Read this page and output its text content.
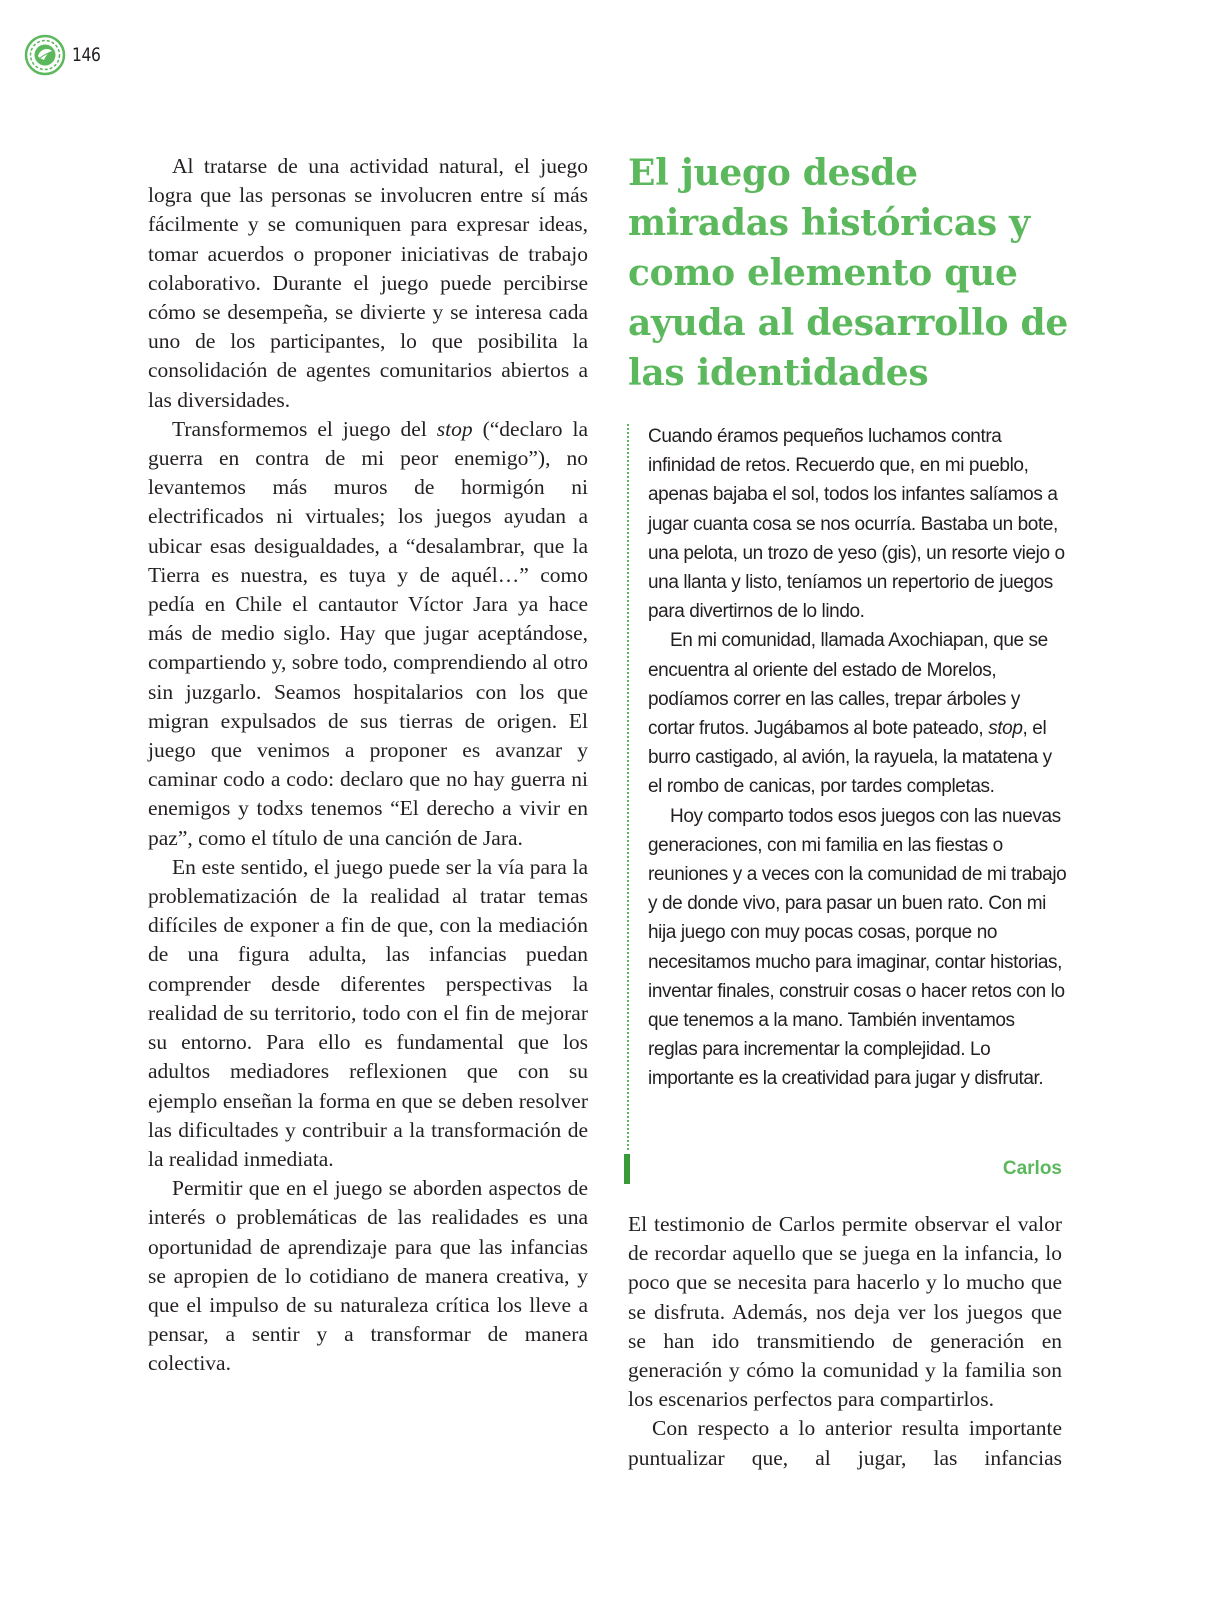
146

Al tratarse de una actividad natural, el juego logra que las personas se involucren entre sí más fácilmente y se comuniquen para expresar ideas, tomar acuerdos o proponer iniciativas de trabajo colaborativo. Durante el juego puede percibirse cómo se desempeña, se divierte y se interesa cada uno de los participantes, lo que posibilita la consolidación de agentes comunitarios abiertos a las diversidades.

Transformemos el juego del stop (“declaro la guerra en contra de mi peor enemigo”), no levantemos más muros de hormigón ni electrificados ni virtuales; los juegos ayudan a ubicar esas desigualdades, a “desalambrar, que la Tierra es nuestra, es tuya y de aquél…” como pedía en Chile el cantautor Víctor Jara ya hace más de medio siglo. Hay que jugar aceptándose, compartiendo y, sobre todo, comprendiendo al otro sin juzgarlo. Seamos hospitalarios con los que migran expulsados de sus tierras de origen. El juego que venimos a proponer es avanzar y caminar codo a codo: declaro que no hay guerra ni enemigos y todxs tenemos “El derecho a vivir en paz”, como el título de una canción de Jara.

En este sentido, el juego puede ser la vía para la problematización de la realidad al tratar temas difíciles de exponer a fin de que, con la mediación de una figura adulta, las infancias puedan comprender desde diferentes perspectivas la realidad de su territorio, todo con el fin de mejorar su entorno. Para ello es fundamental que los adultos mediadores reflexionen que con su ejemplo enseñan la forma en que se deben resolver las dificultades y contribuir a la transformación de la realidad inmediata.

Permitir que en el juego se aborden aspectos de interés o problemáticas de las realidades es una oportunidad de aprendizaje para que las infancias se apropien de lo cotidiano de manera creativa, y que el impulso de su naturaleza crítica los lleve a pensar, a sentir y a transformar de manera colectiva.

El juego desde miradas históricas y como elemento que ayuda al desarrollo de las identidades

Cuando éramos pequeños luchamos contra infinidad de retos. Recuerdo que, en mi pueblo, apenas bajaba el sol, todos los infantes salíamos a jugar cuanta cosa se nos ocurría. Bastaba un bote, una pelota, un trozo de yeso (gis), un resorte viejo o una llanta y listo, teníamos un repertorio de juegos para divertirnos de lo lindo.

En mi comunidad, llamada Axochiapan, que se encuentra al oriente del estado de Morelos, podíamos correr en las calles, trepar árboles y cortar frutos. Jugábamos al bote pateado, stop, el burro castigado, al avión, la rayuela, la matatena y el rombo de canicas, por tardes completas.

Hoy comparto todos esos juegos con las nuevas generaciones, con mi familia en las fiestas o reuniones y a veces con la comunidad de mi trabajo y de donde vivo, para pasar un buen rato. Con mi hija juego con muy pocas cosas, porque no necesitamos mucho para imaginar, contar historias, inventar finales, construir cosas o hacer retos con lo que tenemos a la mano. También inventamos reglas para incrementar la complejidad. Lo importante es la creatividad para jugar y disfrutar.

Carlos

El testimonio de Carlos permite observar el valor de recordar aquello que se juega en la infancia, lo poco que se necesita para hacerlo y lo mucho que se disfruta. Además, nos deja ver los juegos que se han ido transmitiendo de generación en generación y cómo la comunidad y la familia son los escenarios perfectos para compartirlos.

Con respecto a lo anterior resulta importante puntualizar que, al jugar, las infancias
